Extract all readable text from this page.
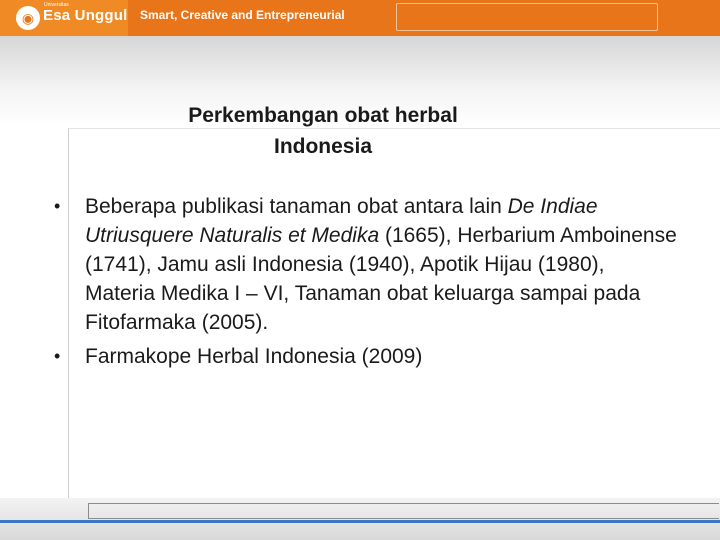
◉
Universitas
Esa Unggul Smart, Creative and Entrepreneurial
Perkembangan obat herbal
Indonesia
• Beberapa publikasi tanaman obat antara lain De Indiae Utriusquere Naturalis et Medika (1665), Herbarium Amboinense (1741), Jamu asli Indonesia (1940), Apotik Hijau (1980), Materia Medika I – VI, Tanaman obat keluarga sampai pada Fitofarmaka (2005).
• Farmakope Herbal Indonesia (2009)
